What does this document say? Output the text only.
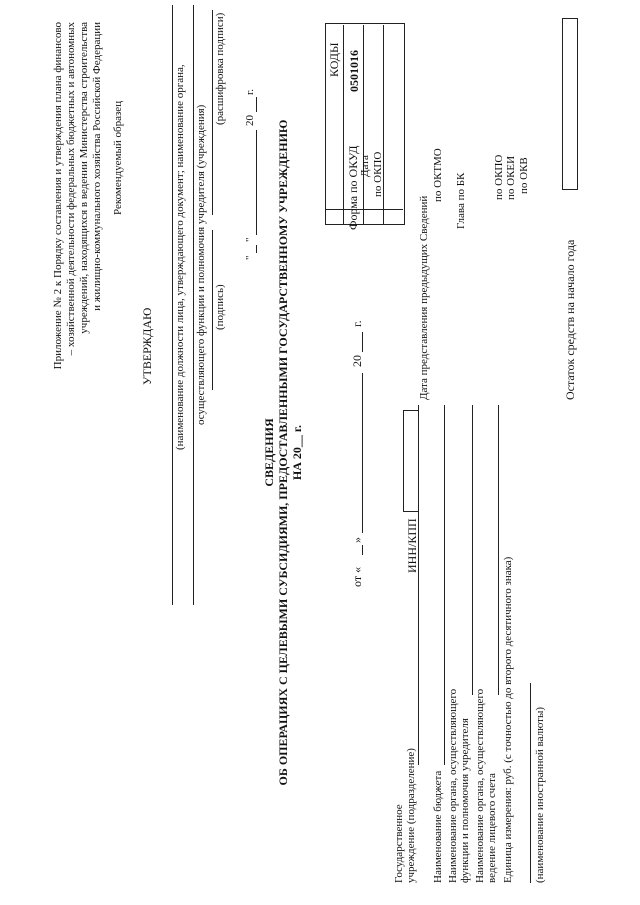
Приложение № 2 к Порядку составления и утверждения плана финансово – хозяйственной деятельности федеральных бюджетных и автономных учреждений, находящихся в ведении Министерства строительства и жилищно-коммунального хозяйства Российской Федерации Рекомендуемый образец
УТВЕРЖДАЮ (наименование должности лица, утверждающего документ; наименование органа, осуществляющего функции и полномочия учредителя (учреждения) (подпись)
(расшифровка подписи)
"
"
20
г.
СВЕДЕНИЯ ОБ ОПЕРАЦИЯХ С ЦЕЛЕВЫМИ СУБСИДИЯМИ, ПРЕДОСТАВЛЕННЫМИ ГОСУДАРСТВЕННОМУ УЧРЕЖДЕНИЮ НА 20__ г.
КОДЫ 0501016
Форма по ОКУД Дата по ОКПО
Дата представления предыдущих Сведений
по ОКТМО Глава по БК по ОКПО по ОКЕИ по ОКВ
Остаток средств на начало года
от «
»
20
г.
Государственное учреждение (подразделение)
ИНН/КПП
Наименование бюджета Наименование органа, осуществляющего функции и полномочия учредителя Наименование органа, осуществляющего ведение лицевого счета Единица измерения: руб. (с точностью до второго десятичного знака) (наименование иностранной валюты)
